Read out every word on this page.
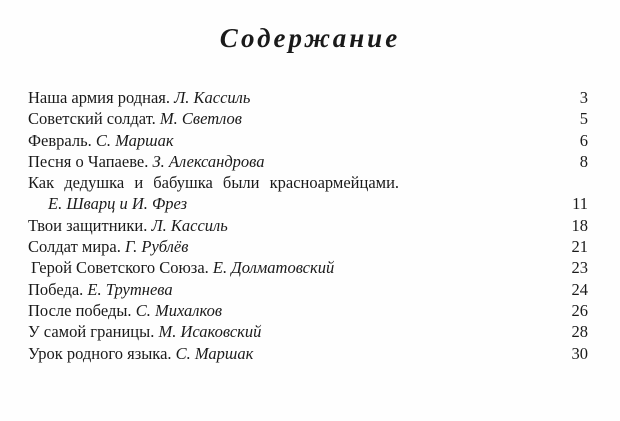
Содержание
Наша армия родная. Л. Кассиль	3
Советский солдат. М. Светлов	5
Февраль. С. Маршак	6
Песня о Чапаеве. З. Александрова	8
Как дедушка и бабушка были красноармейцами.
Е. Шварц и И. Фрез	11
Твои защитники. Л. Кассиль	18
Солдат мира. Г. Рублёв	21
Герой Советского Союза. Е. Долматовский	23
Победа. Е. Трутнева	24
После победы. С. Михалков	26
У самой границы. М. Исаковский	28
Урок родного языка. С. Маршак	30
